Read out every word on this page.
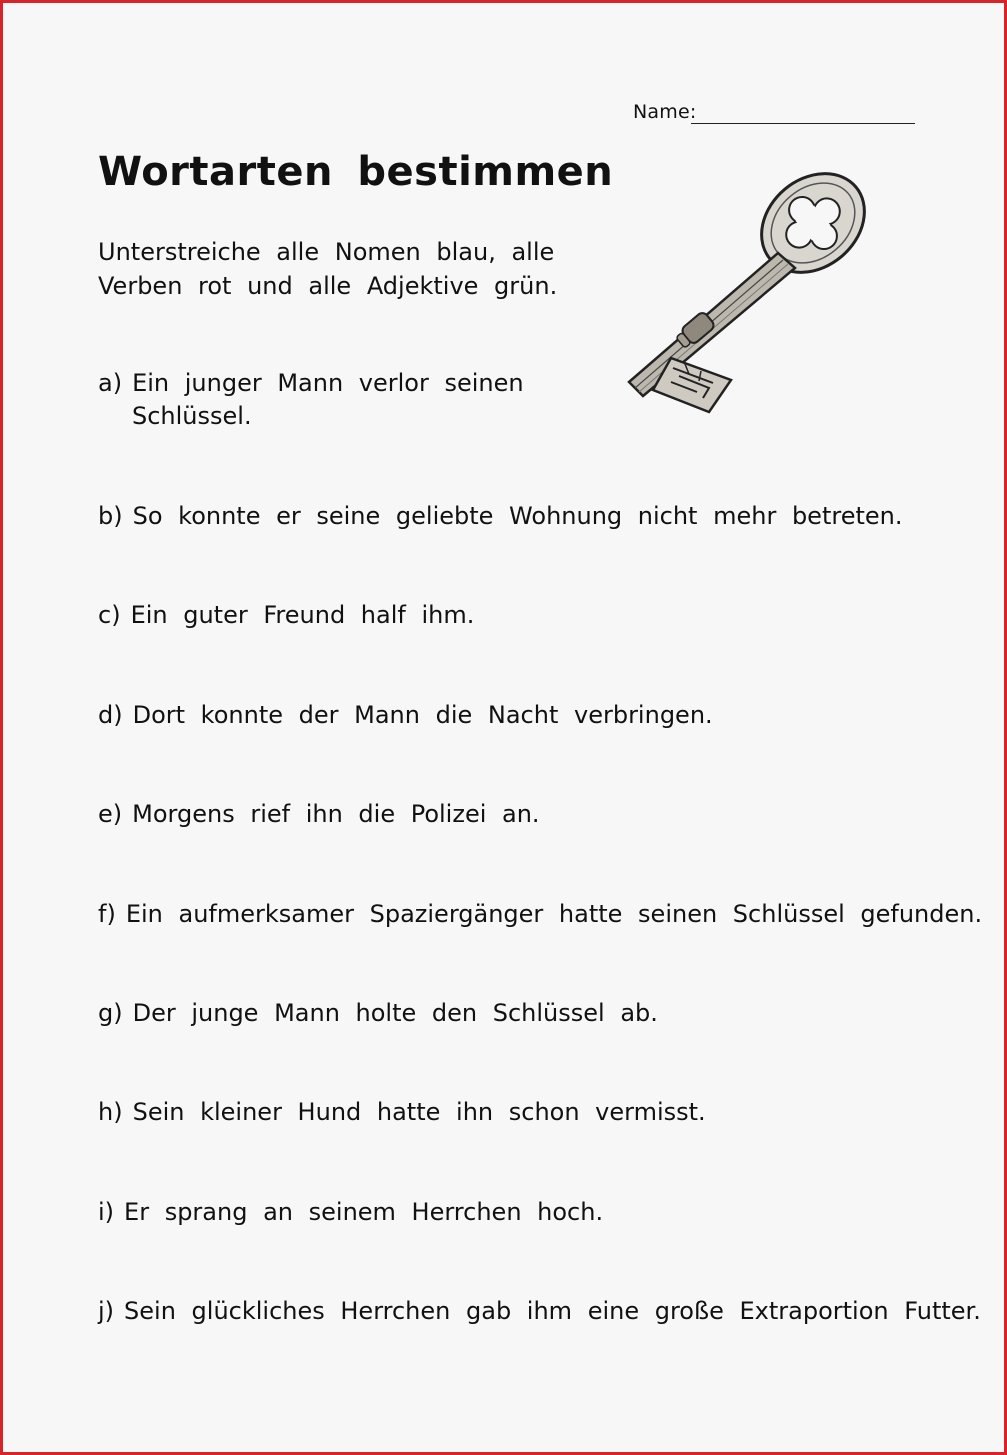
Name:
Wortarten bestimmen
Unterstreiche alle Nomen blau, alle
Verben rot und alle Adjektive grün.
a) Ein junger Mann verlor seinen
Schlüssel.
b) So konnte er seine geliebte Wohnung nicht mehr betreten.
c) Ein guter Freund half ihm.
d) Dort konnte der Mann die Nacht verbringen.
e) Morgens rief ihn die Polizei an.
f) Ein aufmerksamer Spaziergänger hatte seinen Schlüssel gefunden.
g) Der junge Mann holte den Schlüssel ab.
h) Sein kleiner Hund hatte ihn schon vermisst.
i) Er sprang an seinem Herrchen hoch.
j) Sein glückliches Herrchen gab ihm eine große Extraportion Futter.
